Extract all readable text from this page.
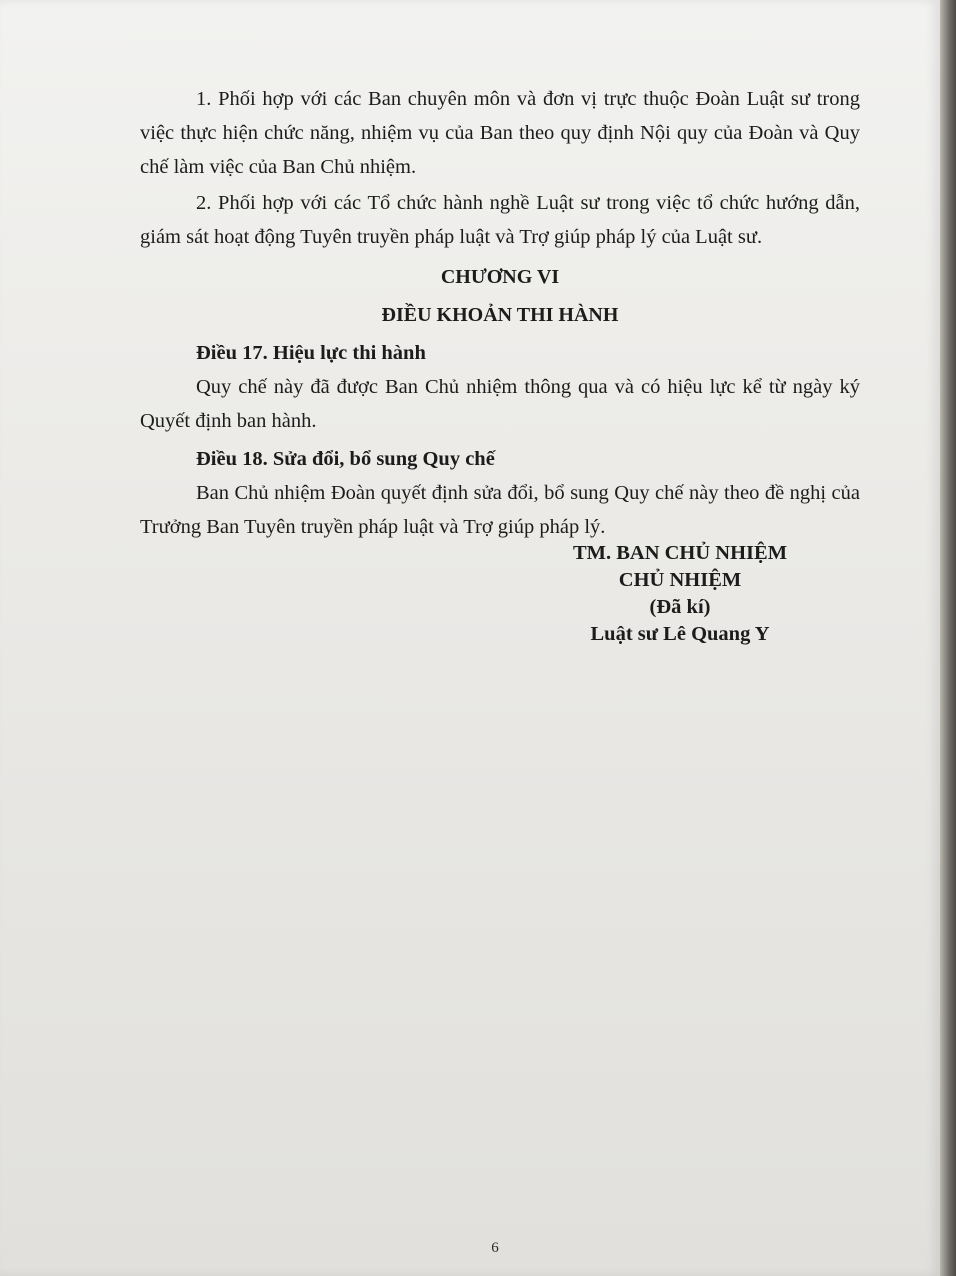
1. Phối hợp với các Ban chuyên môn và đơn vị trực thuộc Đoàn Luật sư trong việc thực hiện chức năng, nhiệm vụ của Ban theo quy định Nội quy của Đoàn và Quy chế làm việc của Ban Chủ nhiệm.

2. Phối hợp với các Tổ chức hành nghề Luật sư trong việc tổ chức hướng dẫn, giám sát hoạt động Tuyên truyền pháp luật và Trợ giúp pháp lý của Luật sư.

CHƯƠNG VI

ĐIỀU KHOẢN THI HÀNH

Điều 17. Hiệu lực thi hành

Quy chế này đã được Ban Chủ nhiệm thông qua và có hiệu lực kể từ ngày ký Quyết định ban hành.

Điều 18. Sửa đổi, bổ sung Quy chế

Ban Chủ nhiệm Đoàn quyết định sửa đổi, bổ sung Quy chế này theo đề nghị của Trưởng Ban Tuyên truyền pháp luật và Trợ giúp pháp lý.

TM. BAN CHỦ NHIỆM
CHỦ NHIỆM
(Đã kí)
Luật sư Lê Quang Y
6
